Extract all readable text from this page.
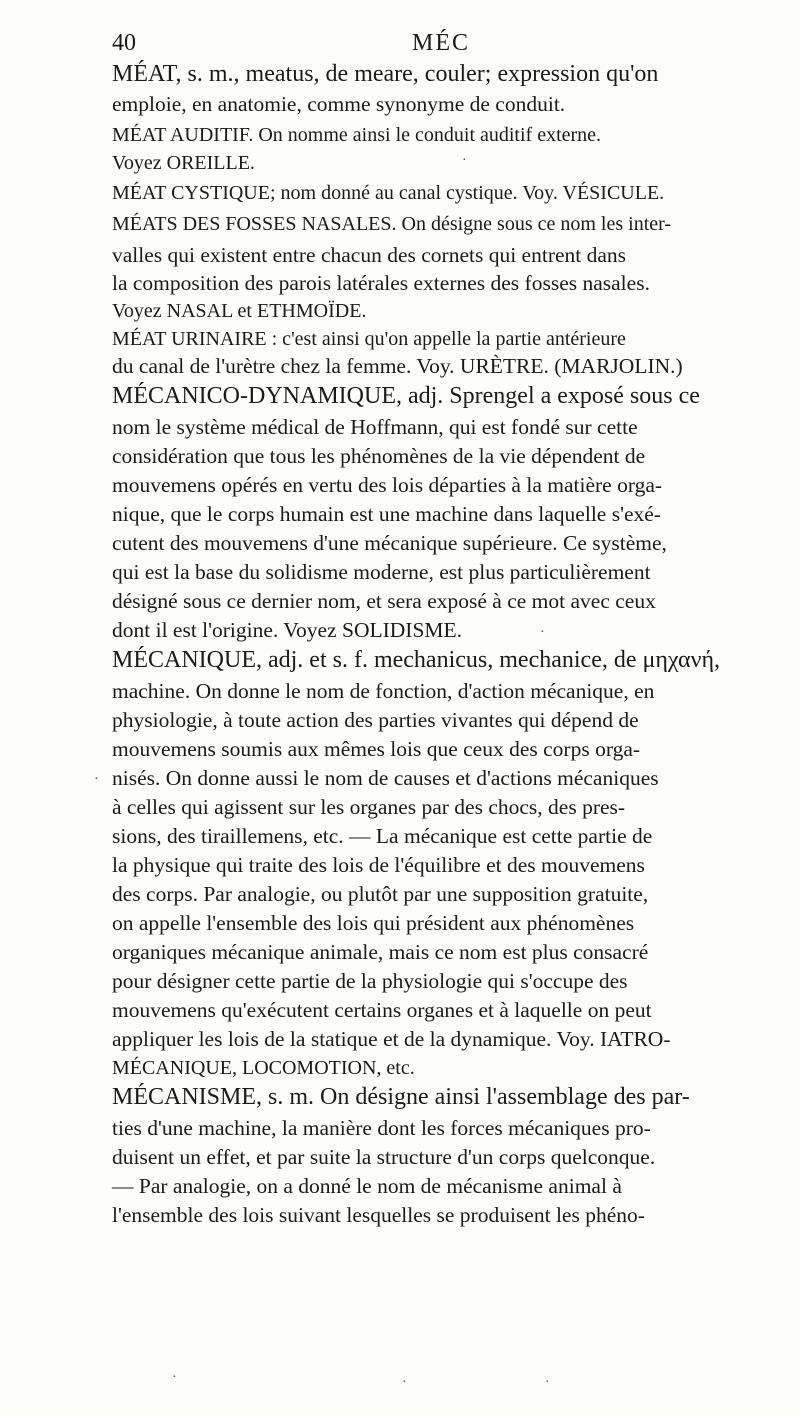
40	MÉC
MÉAT, s. m., meatus, de meare, couler; expression qu'on
emploie, en anatomie, comme synonyme de conduit.
MÉAT AUDITIF. On nomme ainsi le conduit auditif externe.
Voyez OREILLE.
MÉAT CYSTIQUE; nom donné au canal cystique. Voy. VÉSICULE.
MÉATS DES FOSSES NASALES. On désigne sous ce nom les inter-
valles qui existent entre chacun des cornets qui entrent dans
la composition des parois latérales externes des fosses nasales.
Voyez NASAL et ETHMOÏDE.
MÉAT URINAIRE : c'est ainsi qu'on appelle la partie antérieure
du canal de l'urètre chez la femme. Voy. URÈTRE. (MARJOLIN.)
MÉCANICO-DYNAMIQUE, adj. Sprengel a exposé sous ce
nom le système médical de Hoffmann, qui est fondé sur cette
considération que tous les phénomènes de la vie dépendent de
mouvemens opérés en vertu des lois départies à la matière orga-
nique, que le corps humain est une machine dans laquelle s'exé-
cutent des mouvemens d'une mécanique supérieure. Ce système,
qui est la base du solidisme moderne, est plus particulièrement
désigné sous ce dernier nom, et sera exposé à ce mot avec ceux
dont il est l'origine. Voyez SOLIDISME.
MÉCANIQUE, adj. et s. f. mechanicus, mechanice, de μηχανή,
machine. On donne le nom de fonction, d'action mécanique, en
physiologie, à toute action des parties vivantes qui dépend de
mouvemens soumis aux mêmes lois que ceux des corps orga-
nisés. On donne aussi le nom de causes et d'actions mécaniques
à celles qui agissent sur les organes par des chocs, des pres-
sions, des tiraillemens, etc. — La mécanique est cette partie de
la physique qui traite des lois de l'équilibre et des mouvemens
des corps. Par analogie, ou plutôt par une supposition gratuite,
on appelle l'ensemble des lois qui président aux phénomènes
organiques mécanique animale, mais ce nom est plus consacré
pour désigner cette partie de la physiologie qui s'occupe des
mouvemens qu'exécutent certains organes et à laquelle on peut
appliquer les lois de la statique et de la dynamique. Voy. IATRO-
MÉCANIQUE, LOCOMOTION, etc.
MÉCANISME, s. m. On désigne ainsi l'assemblage des par-
ties d'une machine, la manière dont les forces mécaniques pro-
duisent un effet, et par suite la structure d'un corps quelconque.
— Par analogie, on a donné le nom de mécanisme animal à
l'ensemble des lois suivant lesquelles se produisent les phéno-
·
·
·
·	·	·
